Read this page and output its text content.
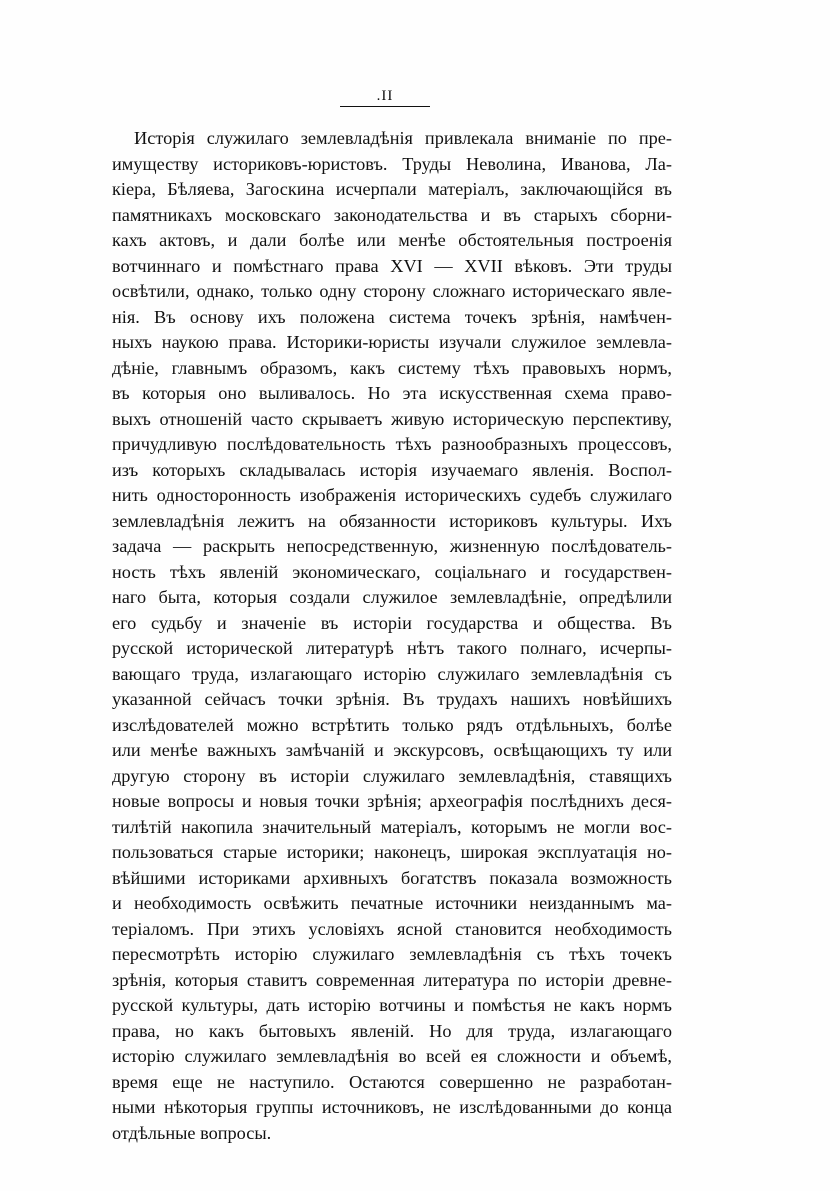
.II
Исторія служилаго землевладѣнія привлекала вниманіе по пре-
имуществу историковъ-юристовъ. Труды Неволина, Иванова, Ла-
кіера, Бѣляева, Загоскина исчерпали матеріалъ, заключающійся въ
памятникахъ московскаго законодательства и въ старыхъ сборни-
кахъ актовъ, и дали болѣе или менѣе обстоятельныя построенія
вотчиннаго и помѣстнаго права XVI — XVII вѣковъ. Эти труды
освѣтили, однако, только одну сторону сложнаго историческаго явле-
нія. Въ основу ихъ положена система точекъ зрѣнія, намѣчен-
ныхъ наукою права. Историки-юристы изучали служилое землевла-
дѣніе, главнымъ образомъ, какъ систему тѣхъ правовыхъ нормъ,
въ которыя оно выливалось. Но эта искусственная схема право-
выхъ отношеній часто скрываетъ живую историческую перспективу,
причудливую послѣдовательность тѣхъ разнообразныхъ процессовъ,
изъ которыхъ складывалась исторія изучаемаго явленія. Воспол-
нить односторонность изображенія историческихъ судебъ служилаго
землевладѣнія лежитъ на обязанности историковъ культуры. Ихъ
задача — раскрыть непосредственную, жизненную послѣдователь-
ность тѣхъ явленій экономическаго, соціальнаго и государствен-
наго быта, которыя создали служилое землевладѣніе, опредѣлили
его судьбу и значеніе въ исторіи государства и общества. Въ
русской исторической литературѣ нѣтъ такого полнаго, исчерпы-
вающаго труда, излагающаго исторію служилаго землевладѣнія съ
указанной сейчасъ точки зрѣнія. Въ трудахъ нашихъ новѣйшихъ
изслѣдователей можно встрѣтить только рядъ отдѣльныхъ, болѣе
или менѣе важныхъ замѣчаній и экскурсовъ, освѣщающихъ ту или
другую сторону въ исторіи служилаго землевладѣнія, ставящихъ
новые вопросы и новыя точки зрѣнія; археографія послѣднихъ деся-
тилѣтій накопила значительный матеріалъ, которымъ не могли вос-
пользоваться старые историки; наконецъ, широкая эксплуатація но-
вѣйшими историками архивныхъ богатствъ показала возможность
и необходимость освѣжить печатные источники неизданнымъ ма-
теріаломъ. При этихъ условіяхъ ясной становится необходимость
пересмотрѣть исторію служилаго землевладѣнія съ тѣхъ точекъ
зрѣнія, которыя ставитъ современная литература по исторіи древне-
русской культуры, дать исторію вотчины и помѣстья не какъ нормъ
права, но какъ бытовыхъ явленій. Но для труда, излагающаго
исторію служилаго землевладѣнія во всей ея сложности и объемѣ,
время еще не наступило. Остаются совершенно не разработан-
ными нѣкоторыя группы источниковъ, не изслѣдованными до конца
отдѣльные вопросы.
